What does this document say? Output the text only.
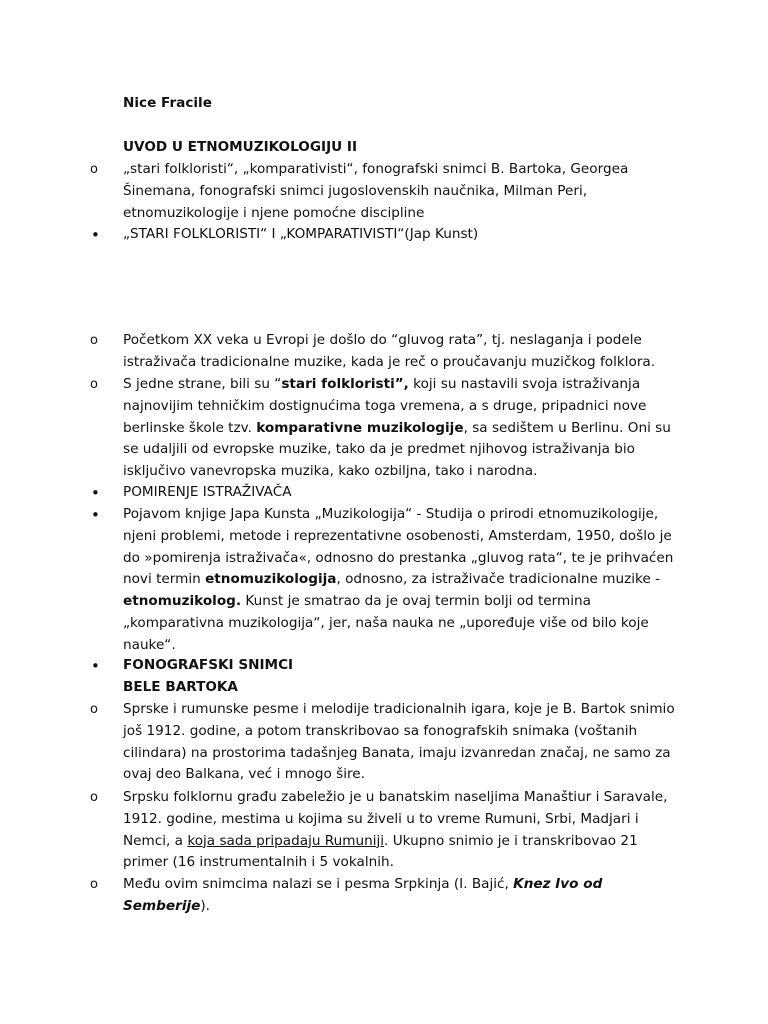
Nice Fracile
UVOD U ETNOMUZIKOLOGIJU II
o	„stari folkloristi“, „komparativisti“, fonografski snimci B. Bartoka, Georgea Šinemana, fonografski snimci jugoslovenskih naučnika, Milman Peri, etnomuzikologije i njene pomoćne discipline
•	„STARI FOLKLORISTI“ I „KOMPARATIVISTI“(Jap Kunst)
o	Početkom XX veka u Evropi je došlo do “gluvog rata”, tj. neslaganja i podele istraživača tradicionalne muzike, kada je reč o proučavanju muzičkog folklora.
o	S jedne strane, bili su “stari folkloristi”, koji su nastavili svoja istraživanja najnovijim tehničkim dostignućima toga vremena, a s druge, pripadnici nove berlinske škole tzv. komparativne muzikologije, sa sedištem u Berlinu. Oni su se udaljili od evropske muzike, tako da je predmet njihovog istraživanja bio isključivo vanevropska muzika, kako ozbiljna, tako i narodna.
•	POMIRENJE ISTRAŽIVAČA
•	Pojavom knjige Japa Kunsta „Muzikologija“ - Studija o prirodi etnomuzikologije, njeni problemi, metode i reprezentativne osobenosti, Amsterdam, 1950, došlo je do »pomirenja istraživača«, odnosno do prestanka „gluvog rata“, te je prihvaćen novi termin etnomuzikologija, odnosno, za istraživače tradicionalne muzike - etnomuzikolog. Kunst je smatrao da je ovaj termin bolji od termina „komparativna muzikologija“, jer, naša nauka ne „upoređuje više od bilo koje nauke“.
•	FONOGRAFSKI SNIMCI
BELE BARTOKA
o	Sprske i rumunske pesme i melodije tradicionalnih igara, koje je B. Bartok snimio još 1912. godine, a potom transkribovao sa fonografskih snimaka (voštanih cilindara) na prostorima tadašnjeg Banata, imaju izvanredan značaj, ne samo za ovaj deo Balkana, već i mnogo šire.
o	Srpsku folklornu građu zabeležio je u banatskim naseljima Manaštiur i Saravale, 1912. godine, mestima u kojima su živeli u to vreme Rumuni, Srbi, Madjari i Nemci, a koja sada pripadaju Rumuniji. Ukupno snimio je i transkribovao 21 primer (16 instrumentalnih i 5 vokalnih.
o	Među ovim snimcima nalazi se i pesma Srpkinja (I. Bajić, Knez Ivo od Semberije).
